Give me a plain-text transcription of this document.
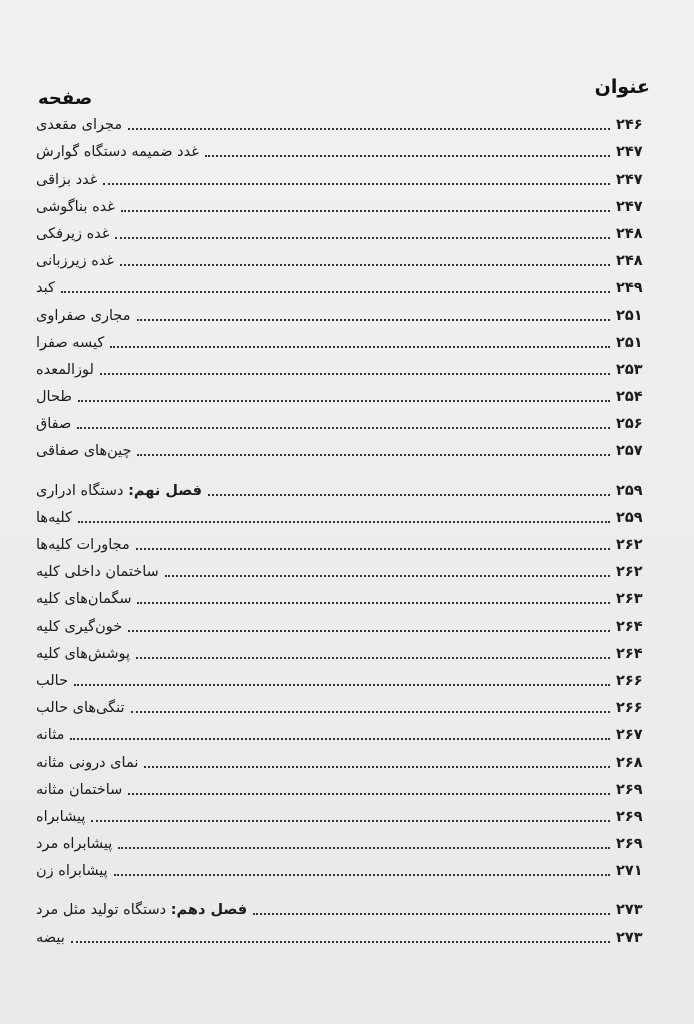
عنوان
صفحه
مجرای مقعدی	۲۴۶
غدد ضمیمه دستگاه گوارش	۲۴۷
غدد بزاقی	۲۴۷
غده بناگوشی	۲۴۷
غده زیرفکی	۲۴۸
غده زیرزبانی	۲۴۸
کبد	۲۴۹
مجاری صفراوی	۲۵۱
کیسه صفرا	۲۵۱
لوزالمعده	۲۵۳
طحال	۲۵۴
صفاق	۲۵۶
چین‌های صفاقی	۲۵۷
فصل نهم: دستگاه ادراری	۲۵۹
کلیه‌ها	۲۵۹
مجاورات کلیه‌ها	۲۶۲
ساختمان داخلی کلیه	۲۶۲
سگمان‌های کلیه	۲۶۳
خون‌گیری کلیه	۲۶۴
پوشش‌های کلیه	۲۶۴
حالب	۲۶۶
تنگی‌های حالب	۲۶۶
مثانه	۲۶۷
نمای درونی مثانه	۲۶۸
ساختمان مثانه	۲۶۹
پیشابراه	۲۶۹
پیشابراه مرد	۲۶۹
پیشابراه زن	۲۷۱
فصل دهم: دستگاه تولید مثل مرد	۲۷۳
بیضه	۲۷۳
